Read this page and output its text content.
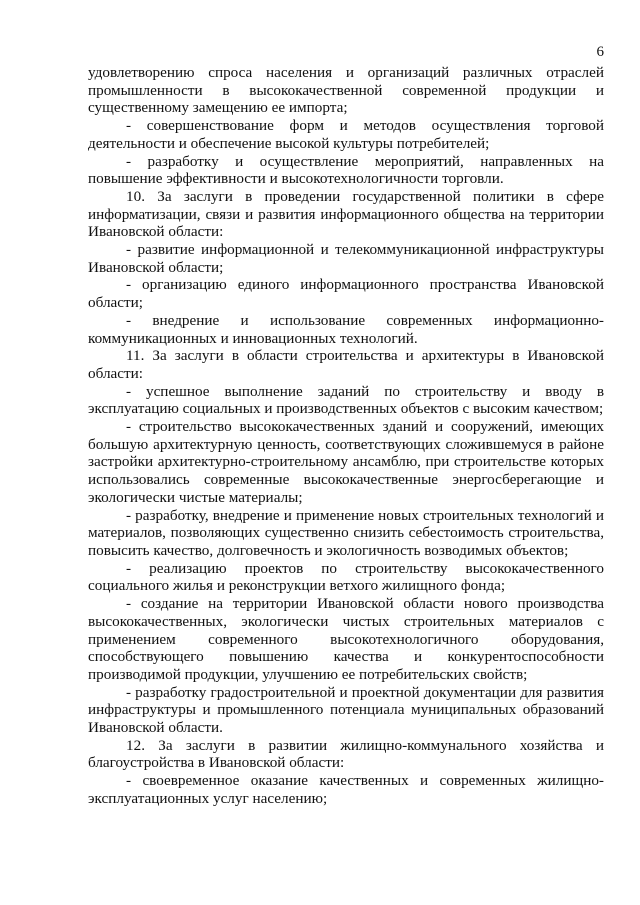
6

удовлетворению спроса населения и организаций различных отраслей промышленности в высококачественной современной продукции и существенному замещению ее импорта;

- совершенствование форм и методов осуществления торговой деятельности и обеспечение высокой культуры потребителей;

- разработку и осуществление мероприятий, направленных на повышение эффективности и высокотехнологичности торговли.

10. За заслуги в проведении государственной политики в сфере информатизации, связи и развития информационного общества на территории Ивановской области:

- развитие информационной и телекоммуникационной инфраструктуры Ивановской области;

- организацию единого информационного пространства Ивановской области;

- внедрение и использование современных информационно-коммуникационных и инновационных технологий.

11. За заслуги в области строительства и архитектуры в Ивановской области:

- успешное выполнение заданий по строительству и вводу в эксплуатацию социальных и производственных объектов с высоким качеством;

- строительство высококачественных зданий и сооружений, имеющих большую архитектурную ценность, соответствующих сложившемуся в районе застройки архитектурно-строительному ансамблю, при строительстве которых использовались современные высококачественные энергосберегающие и экологически чистые материалы;

- разработку, внедрение и применение новых строительных технологий и материалов, позволяющих существенно снизить себестоимость строительства, повысить качество, долговечность и экологичность возводимых объектов;

- реализацию проектов по строительству высококачественного социального жилья и реконструкции ветхого жилищного фонда;

- создание на территории Ивановской области нового производства высококачественных, экологически чистых строительных материалов с применением современного высокотехнологичного оборудования, способствующего повышению качества и конкурентоспособности производимой продукции, улучшению ее потребительских свойств;

- разработку градостроительной и проектной документации для развития инфраструктуры и промышленного потенциала муниципальных образований Ивановской области.

12. За заслуги в развитии жилищно-коммунального хозяйства и благоустройства в Ивановской области:

- своевременное оказание качественных и современных жилищно-эксплуатационных услуг населению;
